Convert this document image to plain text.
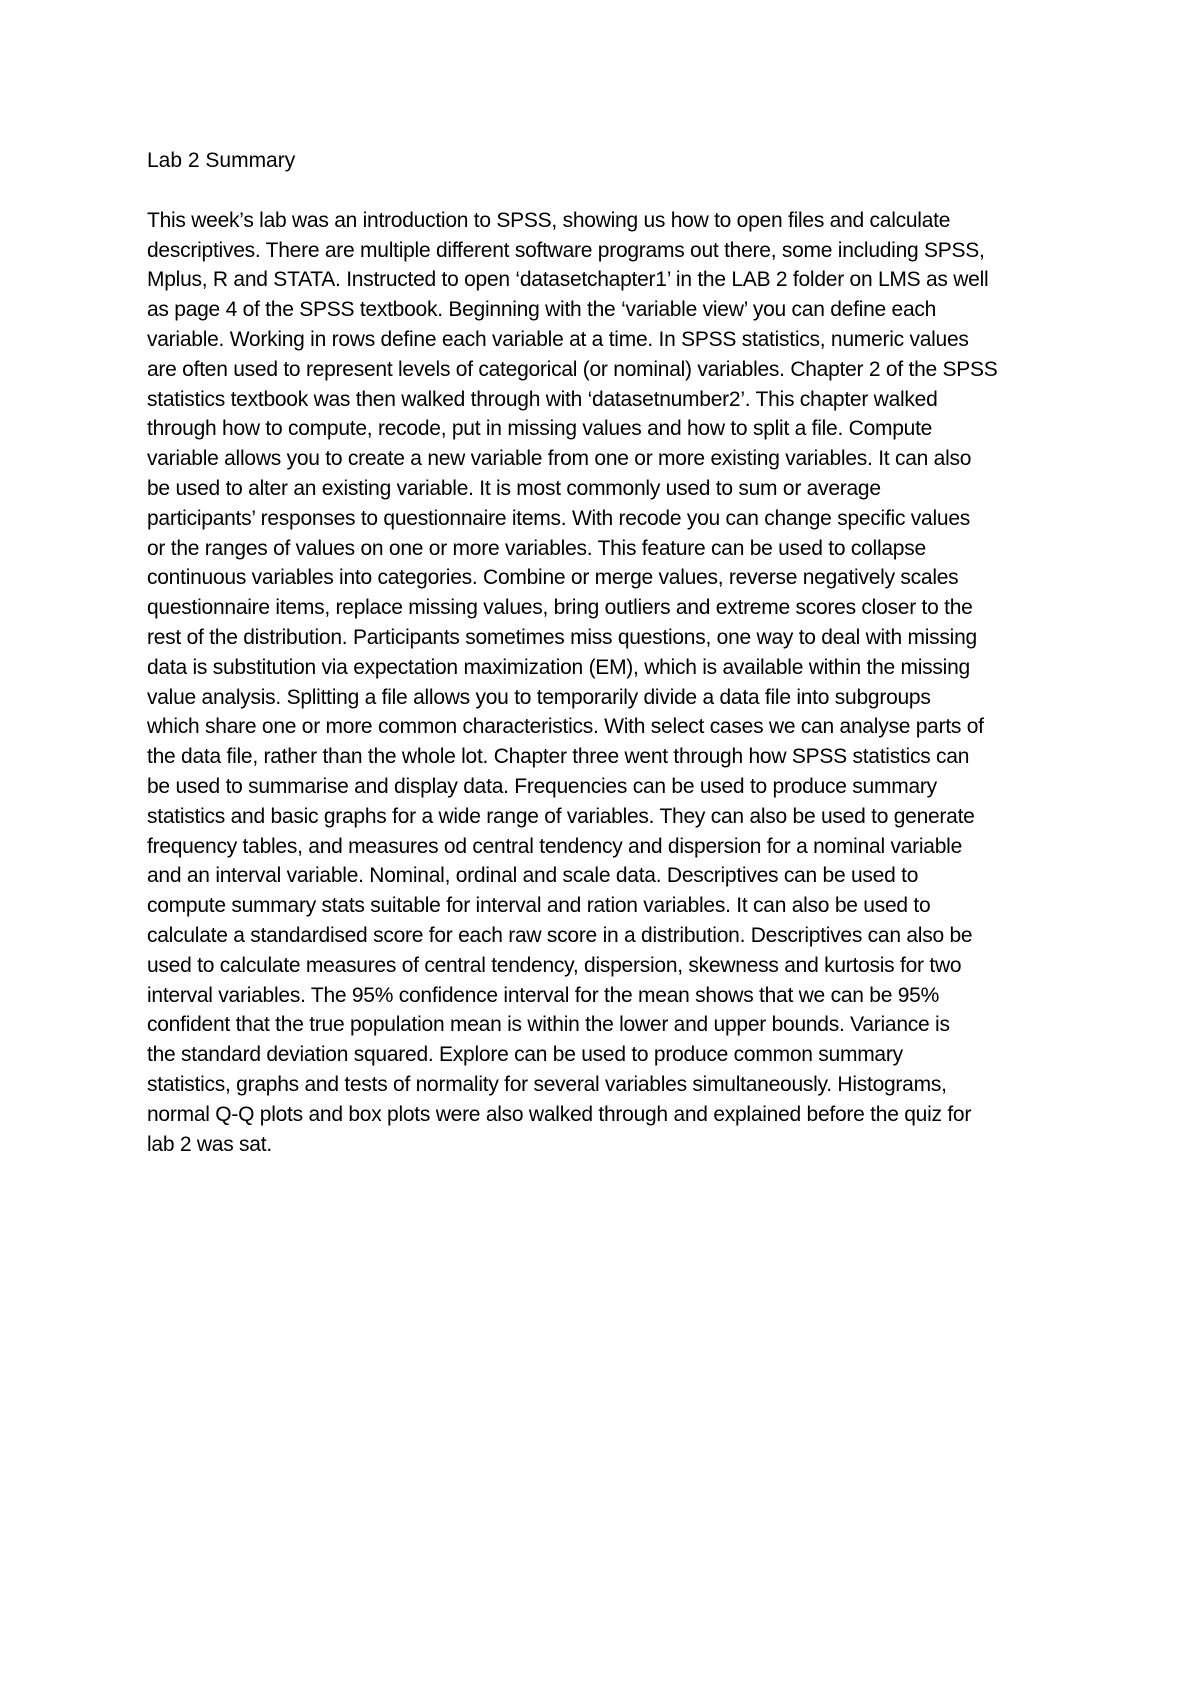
Lab 2 Summary
This week’s lab was an introduction to SPSS, showing us how to open files and calculate
descriptives. There are multiple different software programs out there, some including SPSS,
Mplus, R and STATA. Instructed to open ‘datasetchapter1’ in the LAB 2 folder on LMS as well
as page 4 of the SPSS textbook. Beginning with the ‘variable view’ you can define each
variable. Working in rows define each variable at a time. In SPSS statistics, numeric values
are often used to represent levels of categorical (or nominal) variables. Chapter 2 of the SPSS
statistics textbook was then walked through with ‘datasetnumber2’. This chapter walked
through how to compute, recode, put in missing values and how to split a file. Compute
variable allows you to create a new variable from one or more existing variables. It can also
be used to alter an existing variable. It is most commonly used to sum or average
participants’ responses to questionnaire items. With recode you can change specific values
or the ranges of values on one or more variables. This feature can be used to collapse
continuous variables into categories. Combine or merge values, reverse negatively scales
questionnaire items, replace missing values, bring outliers and extreme scores closer to the
rest of the distribution. Participants sometimes miss questions, one way to deal with missing
data is substitution via expectation maximization (EM), which is available within the missing
value analysis. Splitting a file allows you to temporarily divide a data file into subgroups
which share one or more common characteristics. With select cases we can analyse parts of
the data file, rather than the whole lot. Chapter three went through how SPSS statistics can
be used to summarise and display data. Frequencies can be used to produce summary
statistics and basic graphs for a wide range of variables. They can also be used to generate
frequency tables, and measures od central tendency and dispersion for a nominal variable
and an interval variable. Nominal, ordinal and scale data. Descriptives can be used to
compute summary stats suitable for interval and ration variables. It can also be used to
calculate a standardised score for each raw score in a distribution. Descriptives can also be
used to calculate measures of central tendency, dispersion, skewness and kurtosis for two
interval variables. The 95% confidence interval for the mean shows that we can be 95%
confident that the true population mean is within the lower and upper bounds. Variance is
the standard deviation squared. Explore can be used to produce common summary
statistics, graphs and tests of normality for several variables simultaneously. Histograms,
normal Q-Q plots and box plots were also walked through and explained before the quiz for
lab 2 was sat.
